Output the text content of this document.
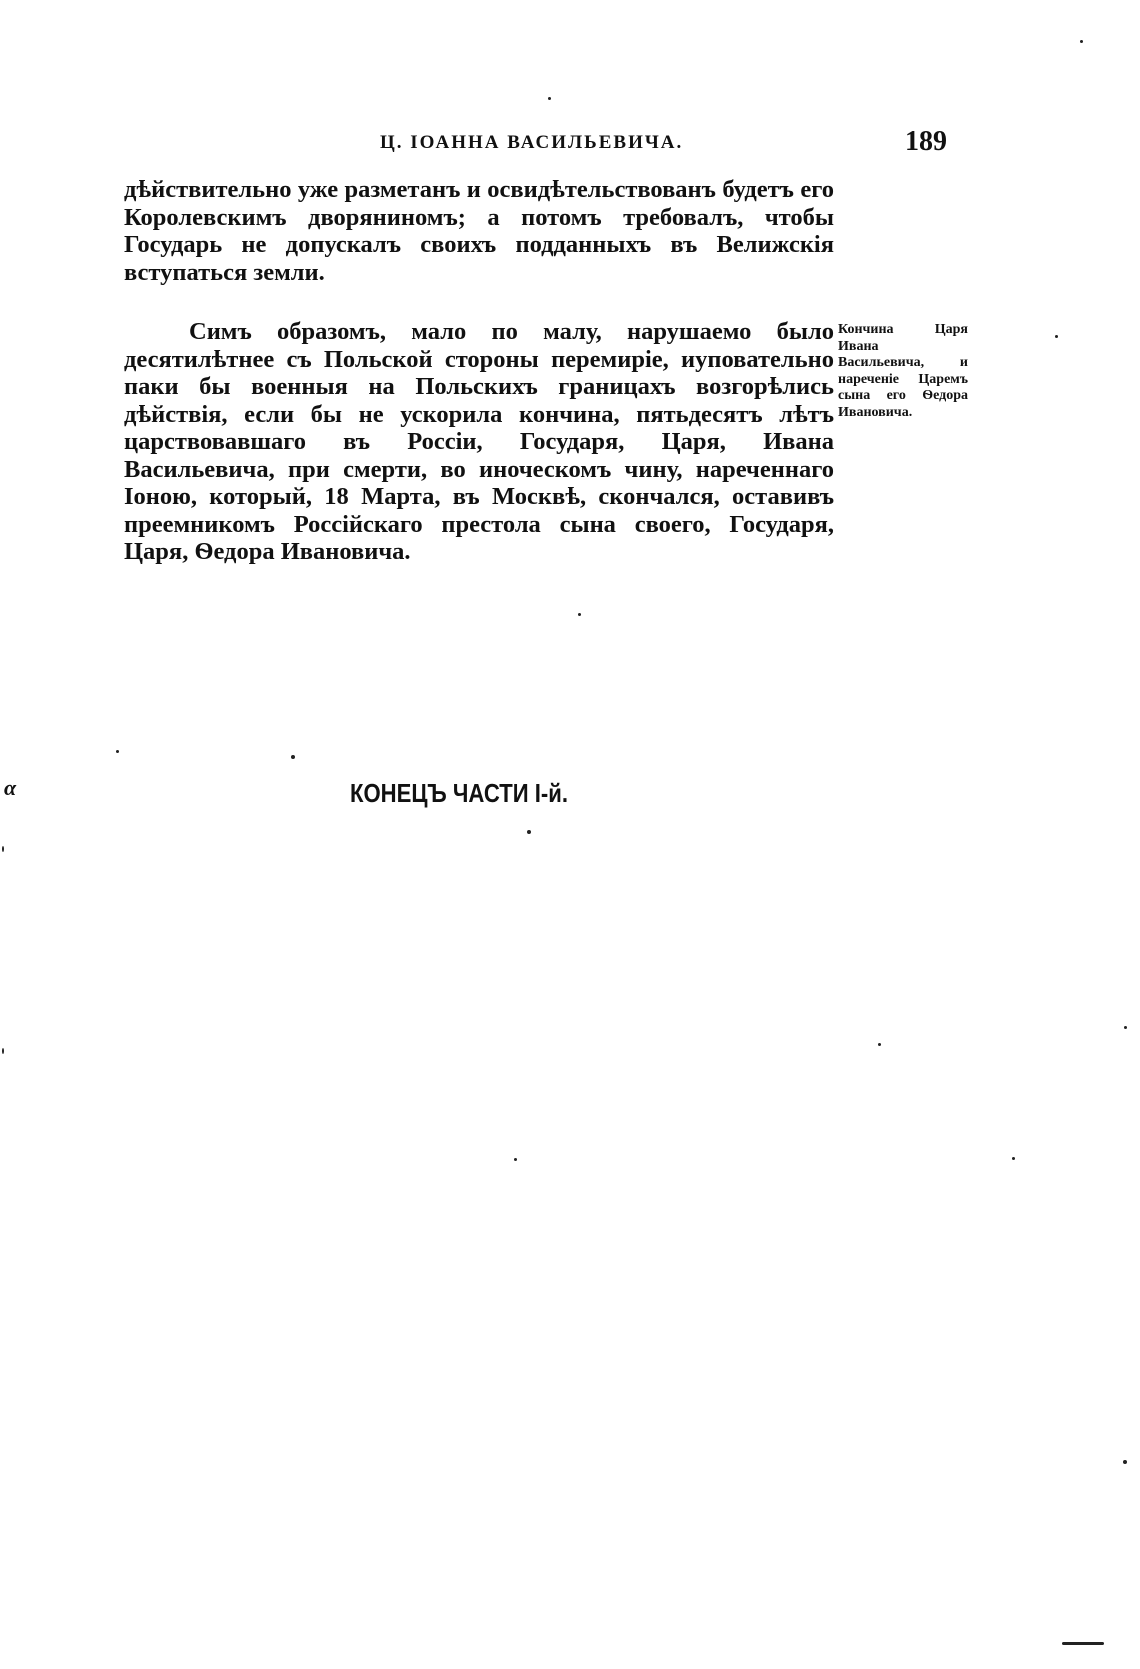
Ц. ІОАННА ВАСИЛЬЕВИЧА.	189
дѣйствительно уже разметанъ и освидѣтельствованъ будетъ его Королевскимъ дворяниномъ; а потомъ требовалъ, чтобы Государь не допускалъ своихъ подданныхъ въ Велижскія вступаться земли.
Симъ образомъ, мало по малу, нарушаемо было десятилѣтнее съ Польской стороны перемиріе, иуповательно паки бы военныя на Польскихъ границахъ возгорѣлись дѣйствія, если бы не ускорила кончина, пятьдесятъ лѣтъ царствовавшаго въ Россіи, Государя, Царя, Ивана Васильевича, при смерти, во иноческомъ чину, нареченнаго Іоною, который, 18 Марта, въ Москвѣ, скончался, оставивъ преемникомъ Россійскаго престола сына своего, Государя, Царя, Ѳедора Ивановича.
Кончина Царя Ивана Васильевича, и нареченіе Царемъ сына его Ѳедора Ивановича.
КОНЕЦЪ ЧАСТИ І-й.
α
